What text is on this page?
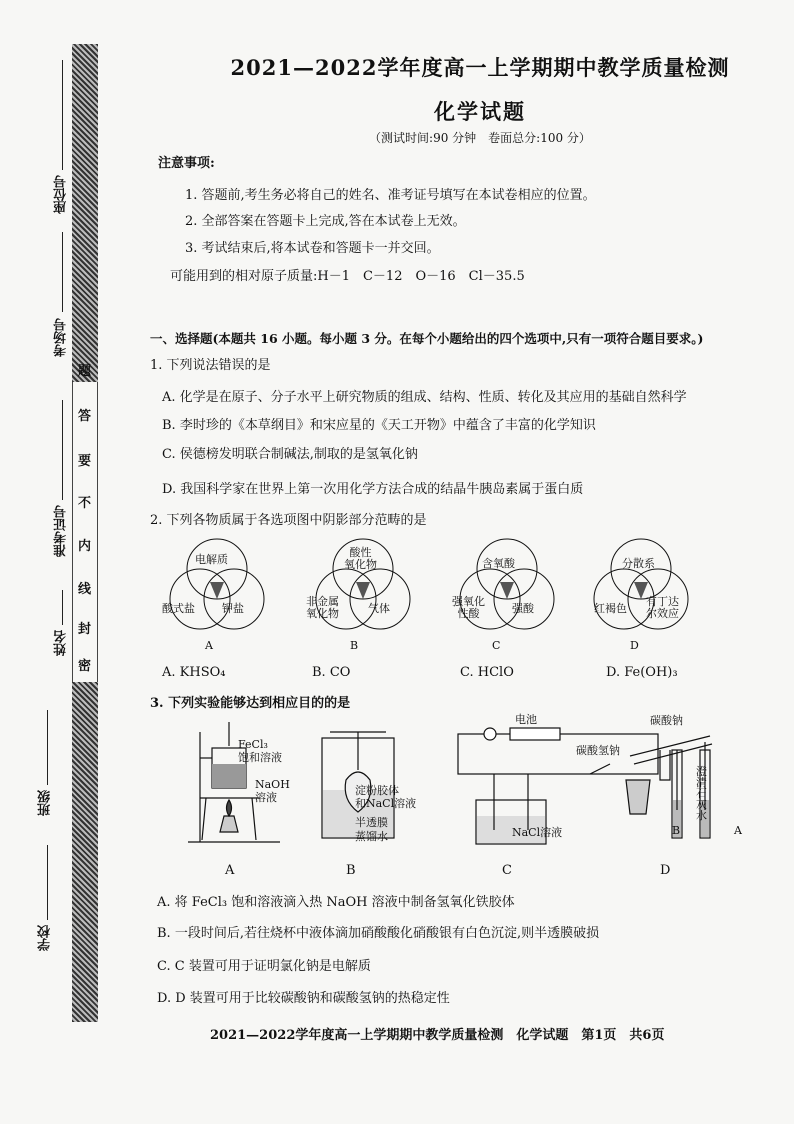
题
答
要
不
内
线
封
密
座位号
考场号
准考证号
姓名
班级
学校
2021—2022学年度高一上学期期中教学质量检测
化学试题
（测试时间:90 分钟　卷面总分:100 分）
注意事项:
1. 答题前,考生务必将自己的姓名、准考证号填写在本试卷相应的位置。
2. 全部答案在答题卡上完成,答在本试卷上无效。
3. 考试结束后,将本试卷和答题卡一并交回。
可能用到的相对原子质量:H－1　C－12　O－16　Cl－35.5
一、选择题(本题共 16 小题。每小题 3 分。在每个小题给出的四个选项中,只有一项符合题目要求。)
1. 下列说法错误的是
A. 化学是在原子、分子水平上研究物质的组成、结构、性质、转化及其应用的基础自然科学
B. 李时珍的《本草纲目》和宋应星的《天工开物》中蕴含了丰富的化学知识
C. 侯德榜发明联合制碱法,制取的是氢氧化钠
D. 我国科学家在世界上第一次用化学方法合成的结晶牛胰岛素属于蛋白质
2. 下列各物质属于各选项图中阴影部分范畴的是
电解质
酸式盐 钾盐
A
酸性
氧化物
非金属
氧化物	气体
B
含氧酸
强氧化
性酸	强酸
C
分散系
红褐色
有丁达
尔效应
D
A. KHSO₄	B. CO	C. HClO	D. Fe(OH)₃
3. 下列实验能够达到相应目的的是
FeCl₃
饱和溶液
NaOH
溶液
淀粉胶体
和NaCl溶液
半透膜
蒸馏水
电池
NaCl溶液
碳酸钠
碳酸氢钠
澄
清
石
灰
水
B	A
A	B	C	D
A. 将 FeCl₃ 饱和溶液滴入热 NaOH 溶液中制备氢氧化铁胶体
B. 一段时间后,若往烧杯中液体滴加硝酸酸化硝酸银有白色沉淀,则半透膜破损
C. C 装置可用于证明氯化钠是电解质
D. D 装置可用于比较碳酸钠和碳酸氢钠的热稳定性
2021—2022学年度高一上学期期中教学质量检测　化学试题　第1页　共6页
